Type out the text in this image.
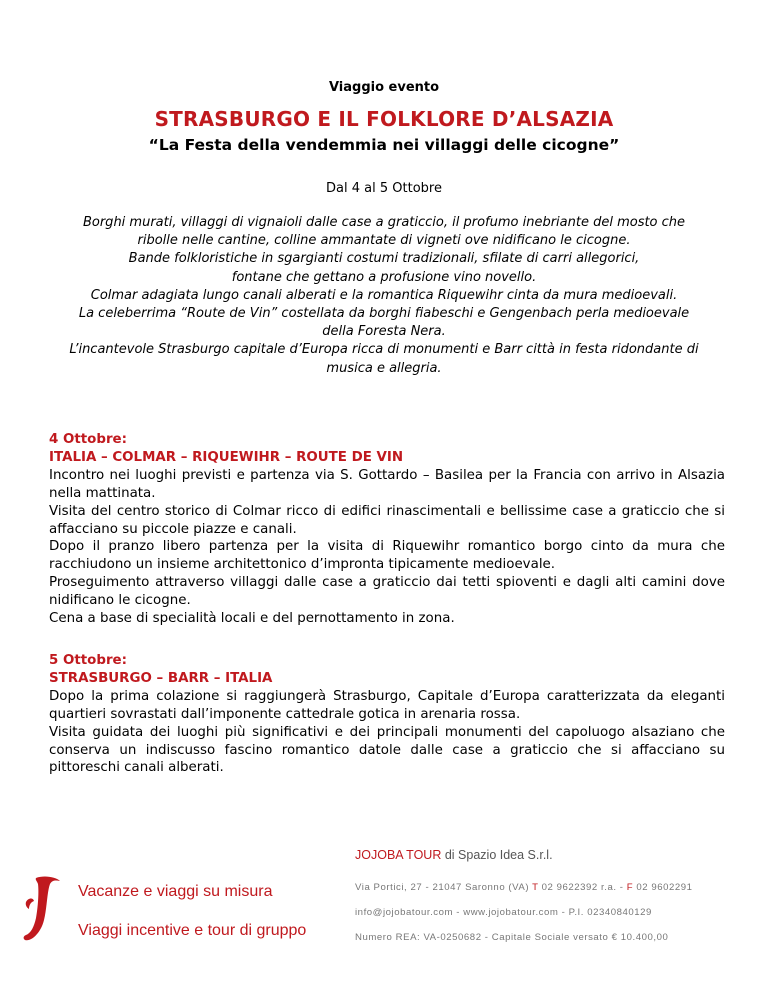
Viaggio evento
STRASBURGO E IL FOLKLORE D’ALSAZIA
“La Festa della vendemmia nei villaggi delle cicogne”
Dal 4 al 5 Ottobre
Borghi murati, villaggi di vignaioli dalle case a graticcio, il profumo inebriante del mosto che
ribolle nelle cantine, colline ammantate di vigneti ove nidificano le cicogne.
Bande folkloristiche in sgargianti costumi tradizionali, sfilate di carri allegorici,
fontane che gettano a profusione vino novello.
Colmar adagiata lungo canali alberati e la romantica Riquewihr cinta da mura medioevali.
La celeberrima “Route de Vin” costellata da borghi fiabeschi e Gengenbach perla medioevale
della Foresta Nera.
L’incantevole Strasburgo capitale d’Europa ricca di monumenti e Barr città in festa ridondante di
musica e allegria.
4 Ottobre:
ITALIA – COLMAR – RIQUEWIHR – ROUTE DE VIN
Incontro nei luoghi previsti e partenza via S. Gottardo – Basilea per la Francia con arrivo in Alsazia nella mattinata.
Visita del centro storico di Colmar ricco di edifici rinascimentali e bellissime case a graticcio che si affacciano su piccole piazze e canali.
Dopo il pranzo libero partenza per la visita di Riquewihr romantico borgo cinto da mura che racchiudono un insieme architettonico d’impronta tipicamente medioevale.
Proseguimento attraverso villaggi dalle case a graticcio dai tetti spioventi e dagli alti camini dove nidificano le cicogne.
Cena a base di specialità locali e del pernottamento in zona.
5 Ottobre:
STRASBURGO – BARR – ITALIA
Dopo la prima colazione si raggiungerà Strasburgo, Capitale d’Europa caratterizzata da eleganti quartieri sovrastati dall’imponente cattedrale gotica in arenaria rossa.
Visita guidata dei luoghi più significativi e dei principali monumenti del capoluogo alsaziano che conserva un indiscusso fascino romantico datole dalle case a graticcio che si affacciano su pittoreschi canali alberati.
Vacanze e viaggi su misura
Viaggi incentive e tour di gruppo
JOJOBA TOUR di Spazio Idea S.r.l.
Via Portici, 27 - 21047 Saronno (VA) T 02 9622392 r.a. - F 02 9602291
info@jojobatour.com - www.jojobatour.com - P.I. 02340840129
Numero REA: VA-0250682 - Capitale Sociale versato € 10.400,00
